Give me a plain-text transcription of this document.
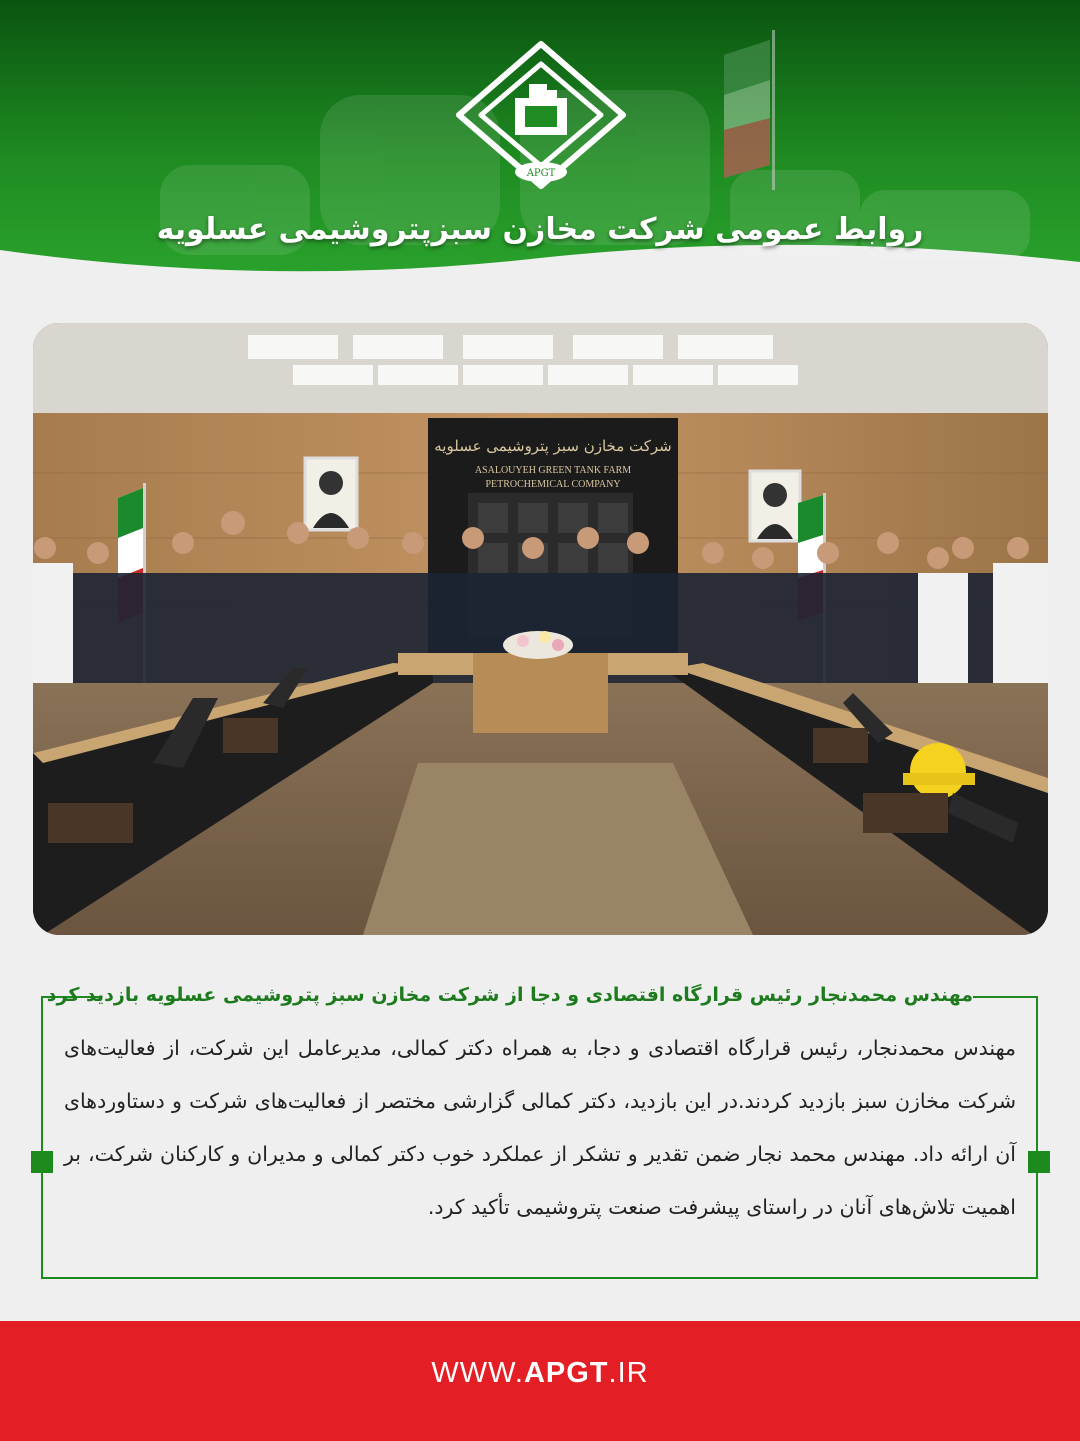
APGT
روابط عمومی شرکت مخازن سبزپتروشیمی عسلویه
شرکت مخازن سبز پتروشیمی عسلویه
ASALOUYEH GREEN TANK FARM
PETROCHEMICAL COMPANY
مهندس محمدنجار رئیس قرارگاه اقتصادی و دجا از شرکت مخازن سبز پتروشیمی عسلویه بازدید کرد
مهندس محمدنجار، رئیس قرارگاه اقتصادی و دجا، به همراه دکتر کمالی، مدیرعامل این شرکت، از فعالیت‌های شرکت مخازن سبز بازدید کردند.در این بازدید، دکتر کمالی گزارشی مختصر از فعالیت‌های شرکت و دستاوردهای آن ارائه داد. مهندس محمد نجار ضمن تقدیر و تشکر از عملکرد خوب دکتر کمالی و مدیران و کارکنان شرکت، بر اهمیت تلاش‌های آنان در راستای پیشرفت صنعت پتروشیمی تأکید کرد.
WWW.APGT.IR
